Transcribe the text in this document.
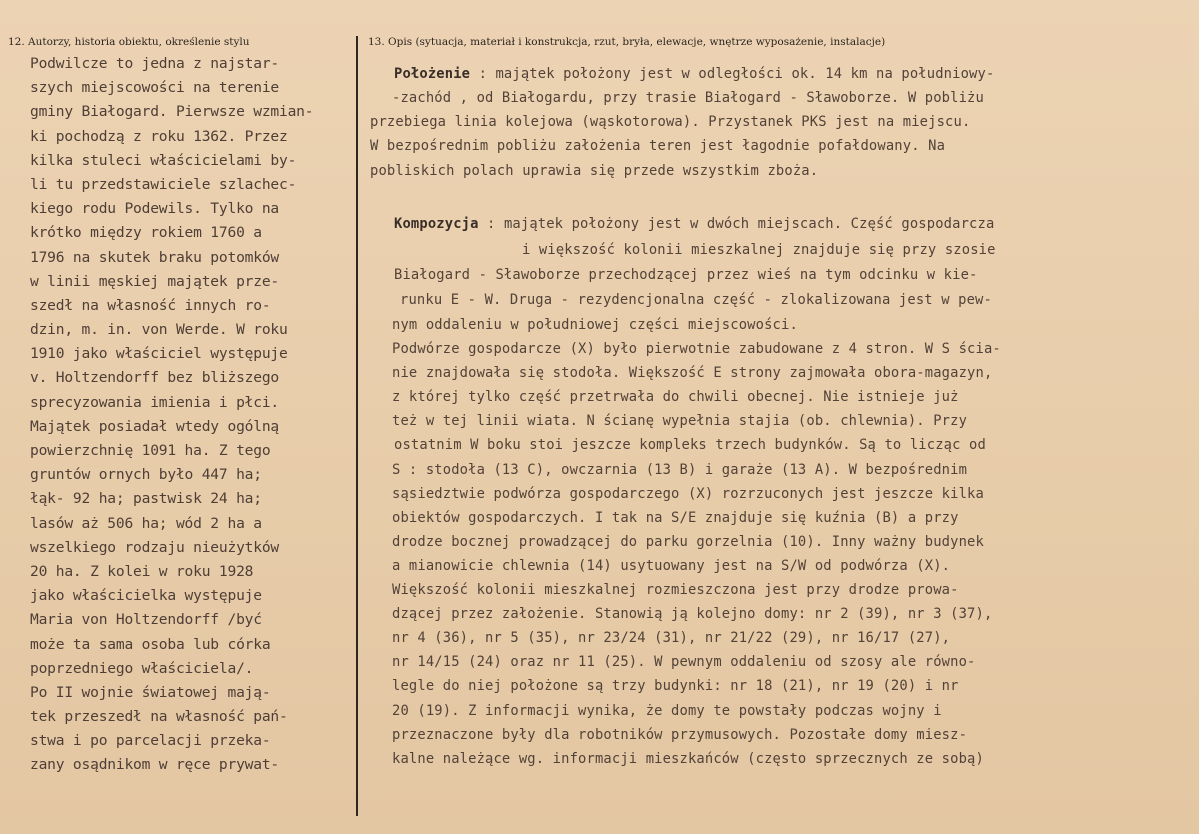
12. Autorzy, historia obiektu, określenie stylu	13. Opis (sytuacja, materiał i konstrukcja, rzut, bryła, elewacje, wnętrze wyposażenie, instalacje)
Podwilcze to jedna z najstar-
szych miejscowości na terenie
gminy Białogard. Pierwsze wzmian-
ki pochodzą z roku 1362. Przez
kilka stuleci właścicielami by-
li tu przedstawiciele szlachec-
kiego rodu Podewils. Tylko na
krótko między rokiem 1760 a
1796 na skutek braku potomków
w linii męskiej majątek prze-
szedł na własność innych ro-
dzin, m. in. von Werde. W roku
1910 jako właściciel występuje
v. Holtzendorff bez bliższego
sprecyzowania imienia i płci.
Majątek posiadał wtedy ogólną
powierzchnię 1091 ha. Z tego
gruntów ornych było 447 ha;
łąk- 92 ha; pastwisk 24 ha;
lasów aż 506 ha; wód 2 ha a
wszelkiego rodzaju nieużytków
20 ha. Z kolei w roku 1928
jako właścicielka występuje
Maria von Holtzendorff /być
może ta sama osoba lub córka
poprzedniego właściciela/.
Po II wojnie światowej mają-
tek przeszedł na własność pań-
stwa i po parcelacji przeka-
zany osądnikom w ręce prywat-
Położenie : majątek położony jest w odległości ok. 14 km na południowy-
-zachód , od Białogardu, przy trasie Białogard - Sławoborze. W pobliżu
przebiega linia kolejowa (wąskotorowa). Przystanek PKS jest na miejscu.
W bezpośrednim pobliżu założenia teren jest łagodnie pofałdowany. Na
pobliskich polach uprawia się przede wszystkim zboża.
Kompozycja : majątek położony jest w dwóch miejscach. Część gospodarcza
i większość kolonii mieszkalnej znajduje się przy szosie
Białogard - Sławoborze przechodzącej przez wieś na tym odcinku w kie-
runku E - W. Druga - rezydencjonalna część - zlokalizowana jest w pew-
nym oddaleniu w południowej części miejscowości.
Podwórze gospodarcze (X) było pierwotnie zabudowane z 4 stron. W S ścia-
nie znajdowała się stodoła. Większość E strony zajmowała obora-magazyn,
z której tylko część przetrwała do chwili obecnej. Nie istnieje już
też w tej linii wiata. N ścianę wypełnia stajia (ob. chlewnia). Przy
ostatnim W boku stoi jeszcze kompleks trzech budynków. Są to licząc od
S : stodoła (13 C), owczarnia (13 B) i garaże (13 A). W bezpośrednim
sąsiedztwie podwórza gospodarczego (X) rozrzuconych jest jeszcze kilka
obiektów gospodarczych. I tak na S/E znajduje się kuźnia (B) a przy
drodze bocznej prowadzącej do parku gorzelnia (10). Inny ważny budynek
a mianowicie chlewnia (14) usytuowany jest na S/W od podwórza (X).
Większość kolonii mieszkalnej rozmieszczona jest przy drodze prowa-
dzącej przez założenie. Stanowią ją kolejno domy: nr 2 (39), nr 3 (37),
nr 4 (36), nr 5 (35), nr 23/24 (31), nr 21/22 (29), nr 16/17 (27),
nr 14/15 (24) oraz nr 11 (25). W pewnym oddaleniu od szosy ale równo-
legle do niej położone są trzy budynki: nr 18 (21), nr 19 (20) i nr
20 (19). Z informacji wynika, że domy te powstały podczas wojny i
przeznaczone były dla robotników przymusowych. Pozostałe domy miesz-
kalne należące wg. informacji mieszkańców (często sprzecznych ze sobą)
